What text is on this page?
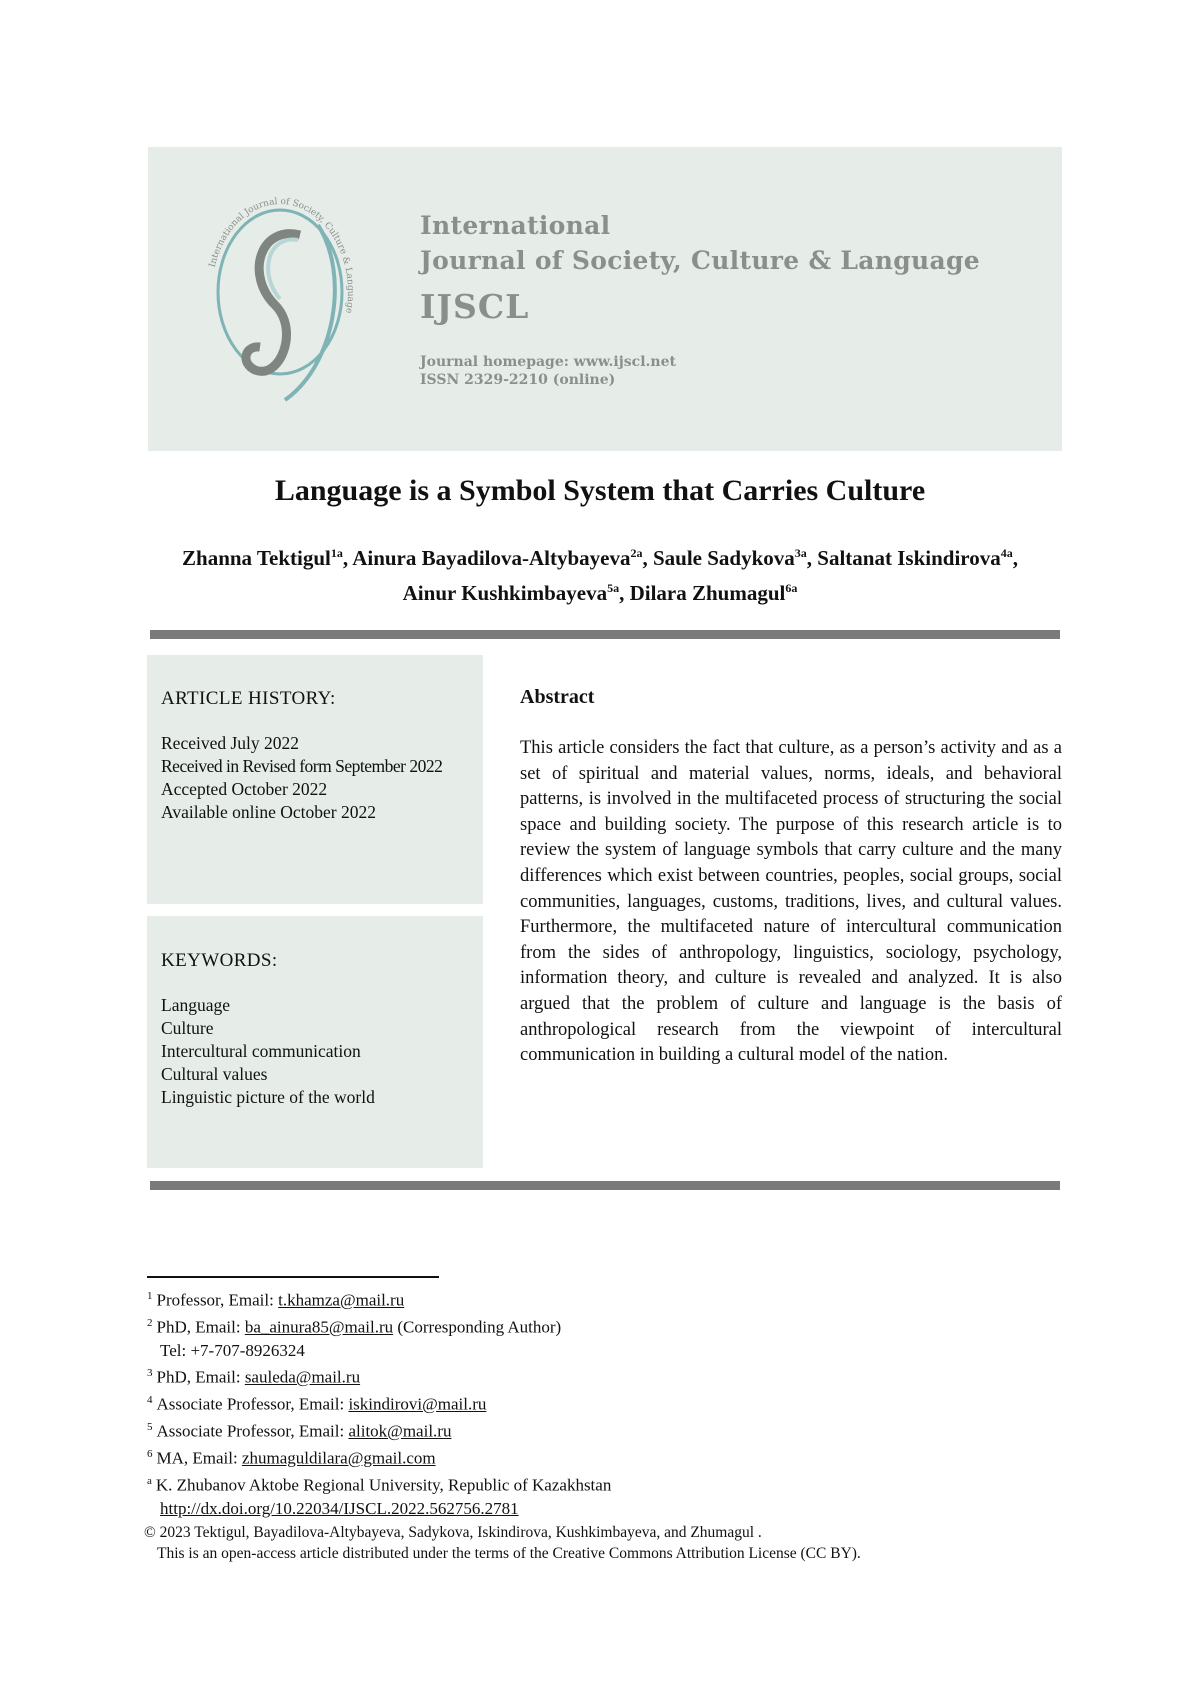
International Journal of Society, Culture & Language
International
Journal of Society, Culture & Language
IJSCL
Journal homepage: www.ijscl.net
ISSN 2329-2210 (online)
Language is a Symbol System that Carries Culture
Zhanna Tektigul$^{1a}$, Ainura Bayadilova-Altybayeva$^{2a}$, Saule Sadykova$^{3a}$, Saltanat Iskindirova$^{4a}$, Ainur Kushkimbayeva$^{5a}$, Dilara Zhumagul$^{6a}$
ARTICLE HISTORY:
Received July 2022
Received in Revised form September 2022
Accepted October 2022
Available online October 2022
KEYWORDS:
Language
Culture
Intercultural communication
Cultural values
Linguistic picture of the world
Abstract
This article considers the fact that culture, as a person’s activity and as a set of spiritual and material values, norms, ideals, and behavioral patterns, is involved in the multifaceted process of structuring the social space and building society. The purpose of this research article is to review the system of language symbols that carry culture and the many differences which exist between countries, peoples, social groups, social communities, languages, customs, traditions, lives, and cultural values. Furthermore, the multifaceted nature of intercultural communication from the sides of anthropology, linguistics, sociology, psychology, information theory, and culture is revealed and analyzed. It is also argued that the problem of culture and language is the basis of anthropological research from the viewpoint of intercultural communication in building a cultural model of the nation.
$^1$ Professor, Email: t.khamza@mail.ru
$^2$ PhD, Email: ba_ainura85@mail.ru (Corresponding Author)
Tel: +7-707-8926324
$^3$ PhD, Email: sauleda@mail.ru
$^4$ Associate Professor, Email: iskindirovi@mail.ru
$^5$ Associate Professor, Email: alitok@mail.ru
$^6$ MA, Email: zhumaguldilara@gmail.com
$^a$ K. Zhubanov Aktobe Regional University, Republic of Kazakhstan
http://dx.doi.org/10.22034/IJSCL.2022.562756.2781
© 2023 Tektigul, Bayadilova-Altybayeva, Sadykova, Iskindirova, Kushkimbayeva, and Zhumagul .
This is an open-access article distributed under the terms of the Creative Commons Attribution License (CC BY).
